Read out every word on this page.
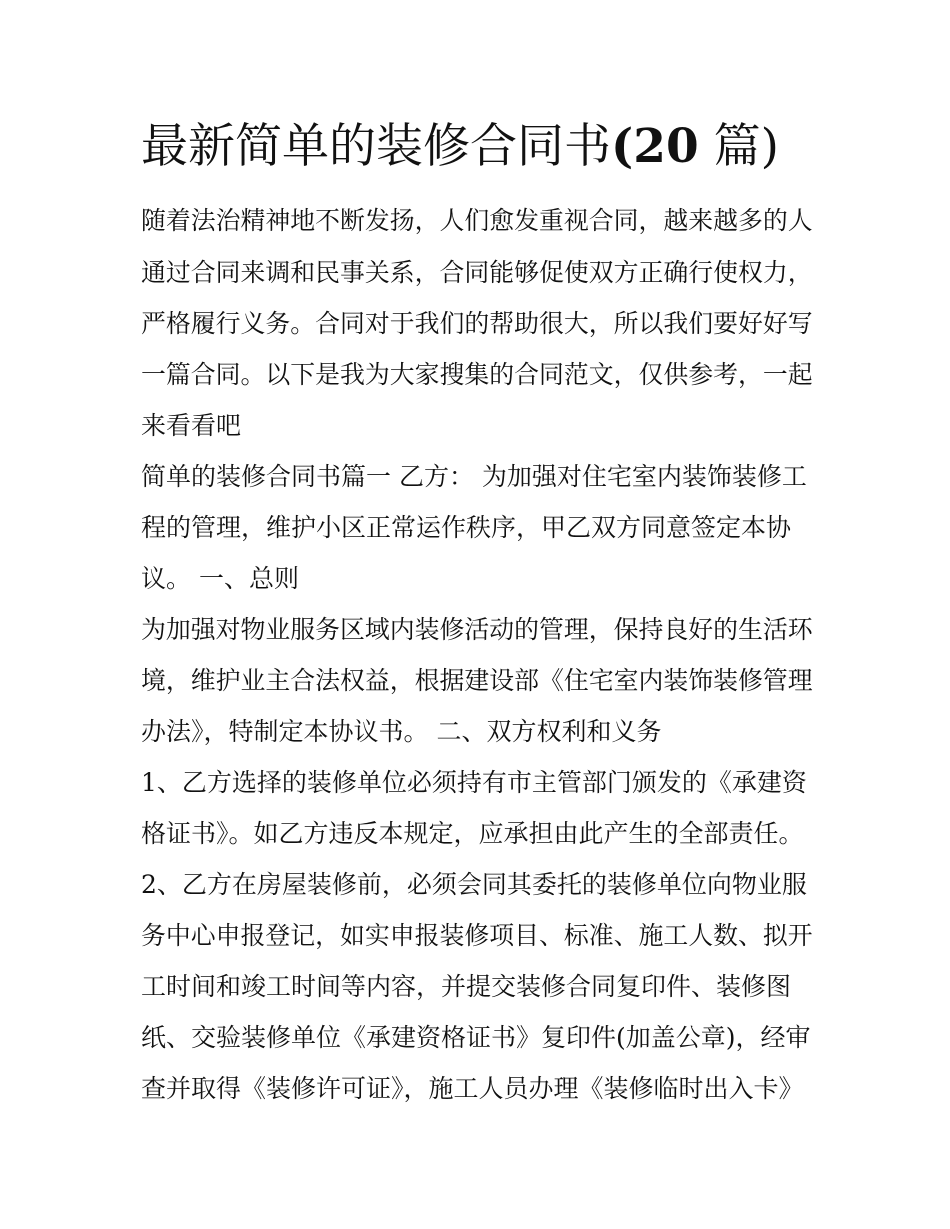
最新简单的装修合同书(20 篇)
随着法治精神地不断发扬，人们愈发重视合同，越来越多的人
通过合同来调和民事关系，合同能够促使双方正确行使权力，
严格履行义务。合同对于我们的帮助很大，所以我们要好好写
一篇合同。以下是我为大家搜集的合同范文，仅供参考，一起
来看看吧
简单的装修合同书篇一 乙方： 为加强对住宅室内装饰装修工
程的管理，维护小区正常运作秩序，甲乙双方同意签定本协
议。 一、总则
为加强对物业服务区域内装修活动的管理，保持良好的生活环
境，维护业主合法权益，根据建设部《住宅室内装饰装修管理
办法》，特制定本协议书。 二、双方权利和义务
1、乙方选择的装修单位必须持有市主管部门颁发的《承建资
格证书》。如乙方违反本规定，应承担由此产生的全部责任。
2、乙方在房屋装修前，必须会同其委托的装修单位向物业服
务中心申报登记，如实申报装修项目、标准、施工人数、拟开
工时间和竣工时间等内容，并提交装修合同复印件、装修图
纸、交验装修单位《承建资格证书》复印件(加盖公章)，经审
查并取得《装修许可证》，施工人员办理《装修临时出入卡》
